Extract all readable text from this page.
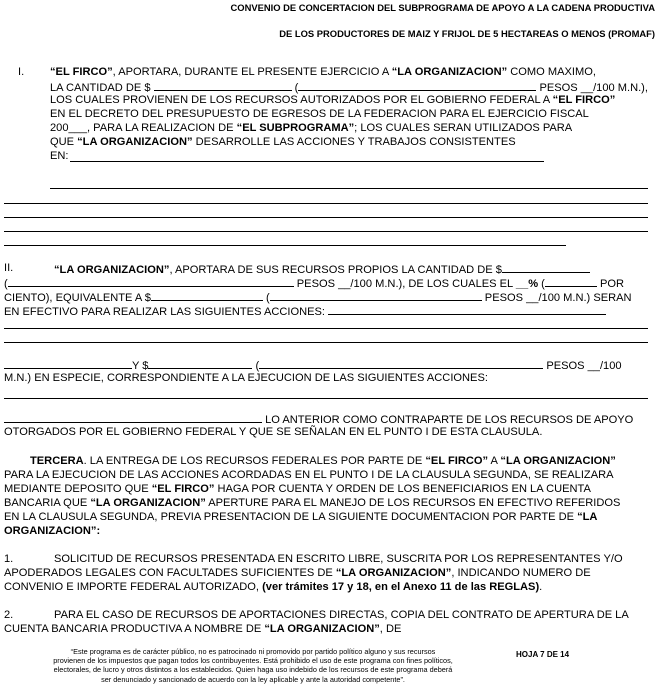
CONVENIO DE CONCERTACION DEL SUBPROGRAMA DE APOYO A LA CADENA PRODUCTIVA
DE LOS PRODUCTORES DE MAIZ Y FRIJOL DE 5 HECTAREAS O MENOS (PROMAF)
I. “EL FIRCO”, APORTARA, DURANTE EL PRESENTE EJERCICIO A “LA ORGANIZACION” COMO MAXIMO,
LA CANTIDAD DE $	(	PESOS __/100 M.N.),
LOS CUALES PROVIENEN DE LOS RECURSOS AUTORIZADOS POR EL GOBIERNO FEDERAL A “EL FIRCO”
EN EL DECRETO DEL PRESUPUESTO DE EGRESOS DE LA FEDERACION PARA EL EJERCICIO FISCAL
200___, PARA LA REALIZACION DE “EL SUBPROGRAMA”; LOS CUALES SERAN UTILIZADOS PARA
QUE “LA ORGANIZACION” DESARROLLE LAS ACCIONES Y TRABAJOS CONSISTENTES
EN:
II.	“LA ORGANIZACION”, APORTARA DE SUS RECURSOS PROPIOS LA CANTIDAD DE $
(	PESOS __/100 M.N.), DE LOS CUALES EL __% (	POR
CIENTO), EQUIVALENTE A $	(	PESOS __/100 M.N.) SERAN
EN EFECTIVO PARA REALIZAR LAS SIGUIENTES ACCIONES:
Y $	(	PESOS __/100
M.N.) EN ESPECIE, CORRESPONDIENTE A LA EJECUCION DE LAS SIGUIENTES ACCIONES:
LO ANTERIOR COMO CONTRAPARTE DE LOS RECURSOS DE APOYO
OTORGADOS POR EL GOBIERNO FEDERAL Y QUE SE SEÑALAN EN EL PUNTO I DE ESTA CLAUSULA.
TERCERA. LA ENTREGA DE LOS RECURSOS FEDERALES POR PARTE DE “EL FIRCO” A “LA ORGANIZACION”
PARA LA EJECUCION DE LAS ACCIONES ACORDADAS EN EL PUNTO I DE LA CLAUSULA SEGUNDA, SE REALIZARA
MEDIANTE DEPOSITO QUE “EL FIRCO” HAGA POR CUENTA Y ORDEN DE LOS BENEFICIARIOS EN LA CUENTA
BANCARIA QUE “LA ORGANIZACION” APERTURE PARA EL MANEJO DE LOS RECURSOS EN EFECTIVO REFERIDOS
EN LA CLAUSULA SEGUNDA, PREVIA PRESENTACION DE LA SIGUIENTE DOCUMENTACION POR PARTE DE “LA
ORGANIZACION”:
1.	SOLICITUD DE RECURSOS PRESENTADA EN ESCRITO LIBRE, SUSCRITA POR LOS REPRESENTANTES Y/O
APODERADOS LEGALES CON FACULTADES SUFICIENTES DE “LA ORGANIZACION”, INDICANDO NUMERO DE
CONVENIO E IMPORTE FEDERAL AUTORIZADO, (ver trámites 17 y 18, en el Anexo 11 de las REGLAS).
2.	PARA EL CASO DE RECURSOS DE APORTACIONES DIRECTAS, COPIA DEL CONTRATO DE APERTURA DE LA
CUENTA BANCARIA PRODUCTIVA A NOMBRE DE “LA ORGANIZACION”, DE
“Este programa es de carácter público, no es patrocinado ni promovido por partido político alguno y sus recursos
provienen de los impuestos que pagan todos los contribuyentes. Está prohibido el uso de este programa con fines políticos,
electorales, de lucro y otros distintos a los establecidos. Quien haga uso indebido de los recursos de este programa deberá
ser denunciado y sancionado de acuerdo con la ley aplicable y ante la autoridad competente”.
HOJA 7 DE 14
